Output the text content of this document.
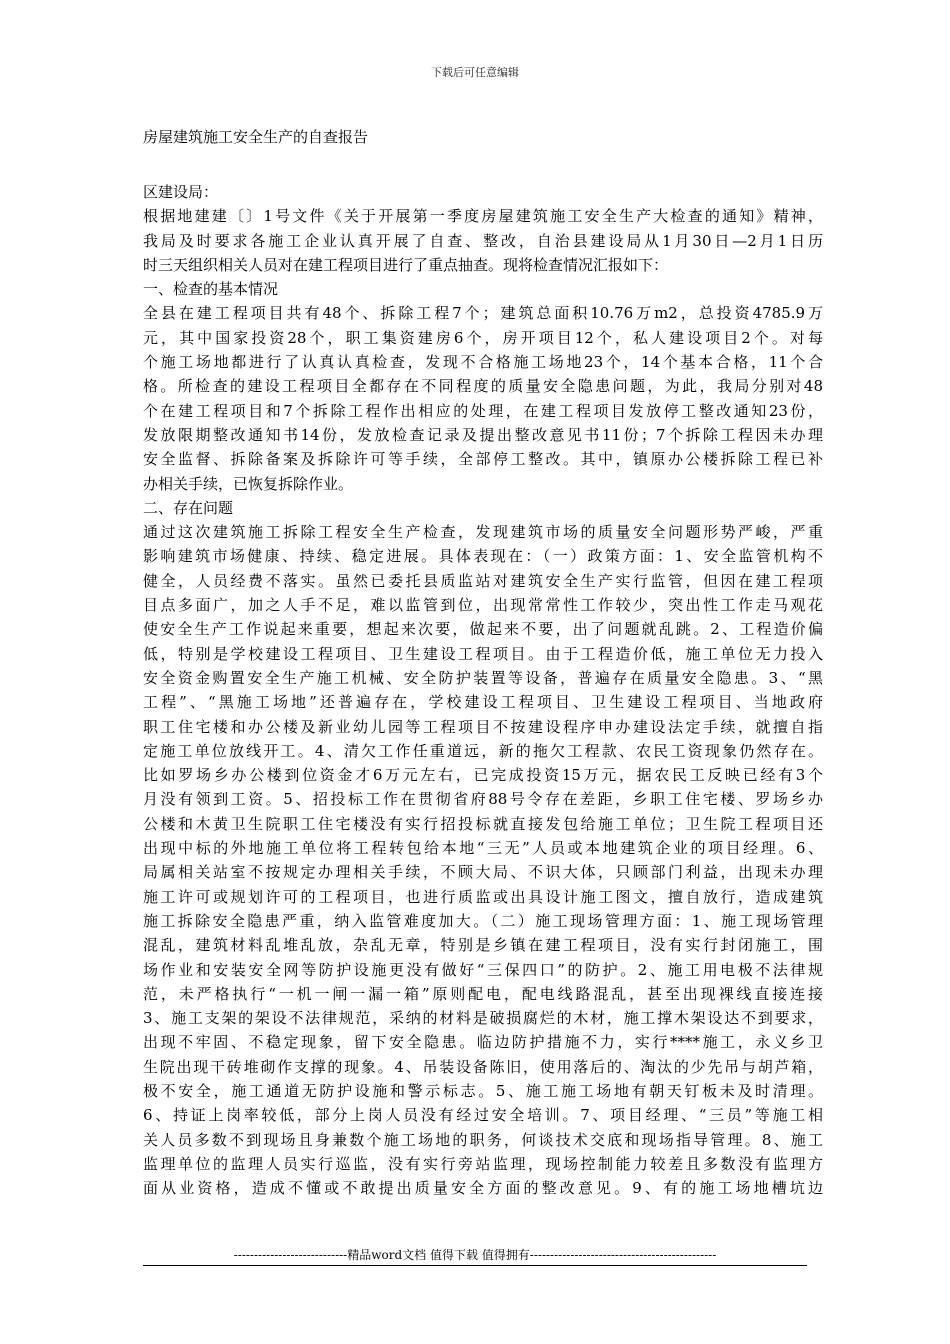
下载后可任意编辑
房屋建筑施工安全生产的自查报告
区建设局：
根据地建建〔〕1号文件《关于开展第一季度房屋建筑施工安全生产大检查的通知》精神，
我局及时要求各施工企业认真开展了自查、整改，自治县建设局从1月30日—2月1日历
时三天组织相关人员对在建工程项目进行了重点抽查。现将检查情况汇报如下：
一、检查的基本情况
全县在建工程项目共有48个、拆除工程7个；建筑总面积10.76万m2，总投资4785.9万
元，其中国家投资28个，职工集资建房6个，房开项目12个，私人建设项目2个。对每
个施工场地都进行了认真认真检查，发现不合格施工场地23个，14个基本合格，11个合
格。所检查的建设工程项目全都存在不同程度的质量安全隐患问题，为此，我局分别对48
个在建工程项目和7个拆除工程作出相应的处理，在建工程项目发放停工整改通知23份，
发放限期整改通知书14份，发放检查记录及提出整改意见书11份；7个拆除工程因未办理
安全监督、拆除备案及拆除许可等手续，全部停工整改。其中，镇原办公楼拆除工程已补
办相关手续，已恢复拆除作业。
二、存在问题
通过这次建筑施工拆除工程安全生产检查，发现建筑市场的质量安全问题形势严峻，严重
影响建筑市场健康、持续、稳定进展。具体表现在：（一）政策方面：1、安全监管机构不
健全，人员经费不落实。虽然已委托县质监站对建筑安全生产实行监管，但因在建工程项
目点多面广，加之人手不足，难以监管到位，出现常常性工作较少，突出性工作走马观花
使安全生产工作说起来重要，想起来次要，做起来不要，出了问题就乱跳。2、工程造价偏
低，特别是学校建设工程项目、卫生建设工程项目。由于工程造价低，施工单位无力投入
安全资金购置安全生产施工机械、安全防护装置等设备，普遍存在质量安全隐患。3、“黑
工程”、“黑施工场地”还普遍存在，学校建设工程项目、卫生建设工程项目、当地政府
职工住宅楼和办公楼及新业幼儿园等工程项目不按建设程序申办建设法定手续，就擅自指
定施工单位放线开工。4、清欠工作任重道远，新的拖欠工程款、农民工资现象仍然存在。
比如罗场乡办公楼到位资金才6万元左右，已完成投资15万元，据农民工反映已经有3个
月没有领到工资。5、招投标工作在贯彻省府88号令存在差距，乡职工住宅楼、罗场乡办
公楼和木黄卫生院职工住宅楼没有实行招投标就直接发包给施工单位；卫生院工程项目还
出现中标的外地施工单位将工程转包给本地“三无”人员或本地建筑企业的项目经理。6、
局属相关站室不按规定办理相关手续，不顾大局、不识大体，只顾部门利益，出现未办理
施工许可或规划许可的工程项目，也进行质监或出具设计施工图文，擅自放行，造成建筑
施工拆除安全隐患严重，纳入监管难度加大。（二）施工现场管理方面：1、施工现场管理
混乱，建筑材料乱堆乱放，杂乱无章，特别是乡镇在建工程项目，没有实行封闭施工，围
场作业和安装安全网等防护设施更没有做好“三保四口”的防护。2、施工用电极不法律规
范，未严格执行“一机一闸一漏一箱”原则配电，配电线路混乱，甚至出现裸线直接连接
3、施工支架的架设不法律规范，采纳的材料是破损腐烂的木材，施工撑木架设达不到要求，
出现不牢固、不稳定现象，留下安全隐患。临边防护措施不力，实行****施工，永义乡卫
生院出现干砖堆砌作支撑的现象。4、吊装设备陈旧，使用落后的、淘汰的少先吊与胡芦箱，
极不安全，施工通道无防护设施和警示标志。5、施工施工场地有朝天钉板未及时清理。
6、持证上岗率较低，部分上岗人员没有经过安全培训。7、项目经理、“三员”等施工相
关人员多数不到现场且身兼数个施工场地的职务，何谈技术交底和现场指导管理。8、施工
监理单位的监理人员实行巡监，没有实行旁站监理，现场控制能力较差且多数没有监理方
面从业资格，造成不懂或不敢提出质量安全方面的整改意见。9、有的施工场地槽坑边
----------------------------精品word文档 值得下载 值得拥有----------------------------------------------
